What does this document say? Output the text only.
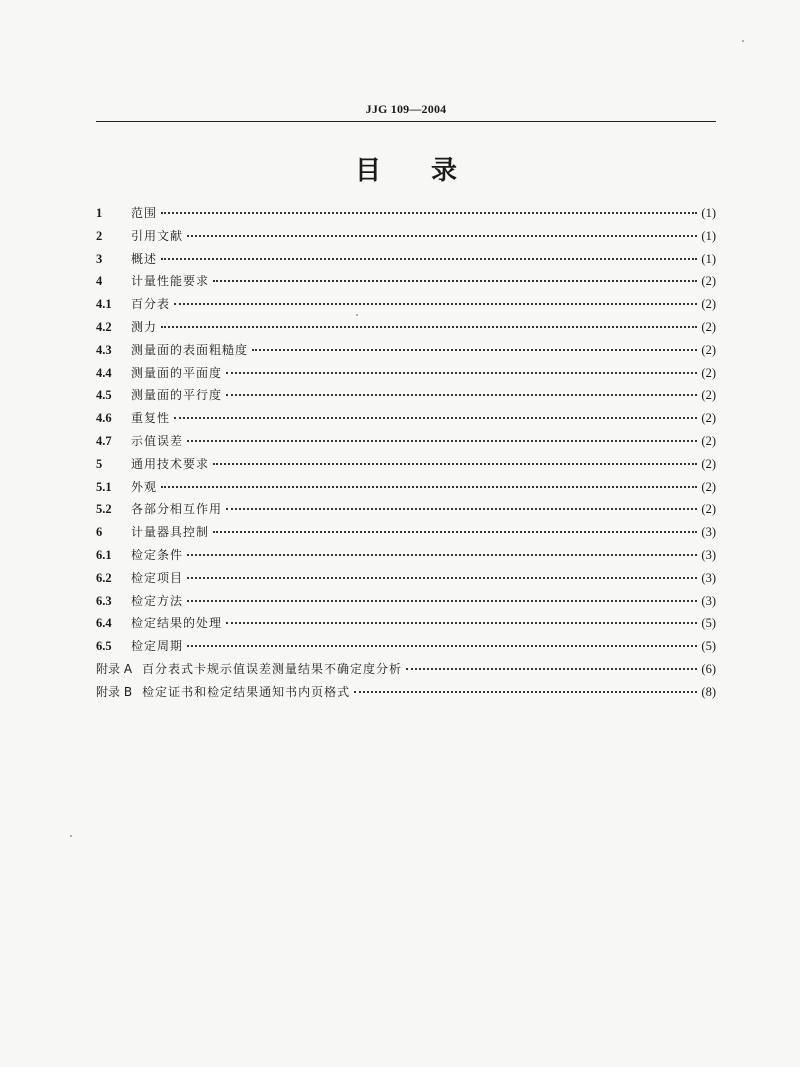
JJG 109—2004
目 录
1	范围	(1)
2	引用文献	(1)
3	概述	(1)
4	计量性能要求	(2)
4.1	百分表	(2)
4.2	测力	(2)
4.3	测量面的表面粗糙度	(2)
4.4	测量面的平面度	(2)
4.5	测量面的平行度	(2)
4.6	重复性	(2)
4.7	示值误差	(2)
5	通用技术要求	(2)
5.1	外观	(2)
5.2	各部分相互作用	(2)
6	计量器具控制	(3)
6.1	检定条件	(3)
6.2	检定项目	(3)
6.3	检定方法	(3)
6.4	检定结果的处理	(5)
6.5	检定周期	(5)
附录 A 百分表式卡规示值误差测量结果不确定度分析	(6)
附录 B 检定证书和检定结果通知书内页格式	(8)
